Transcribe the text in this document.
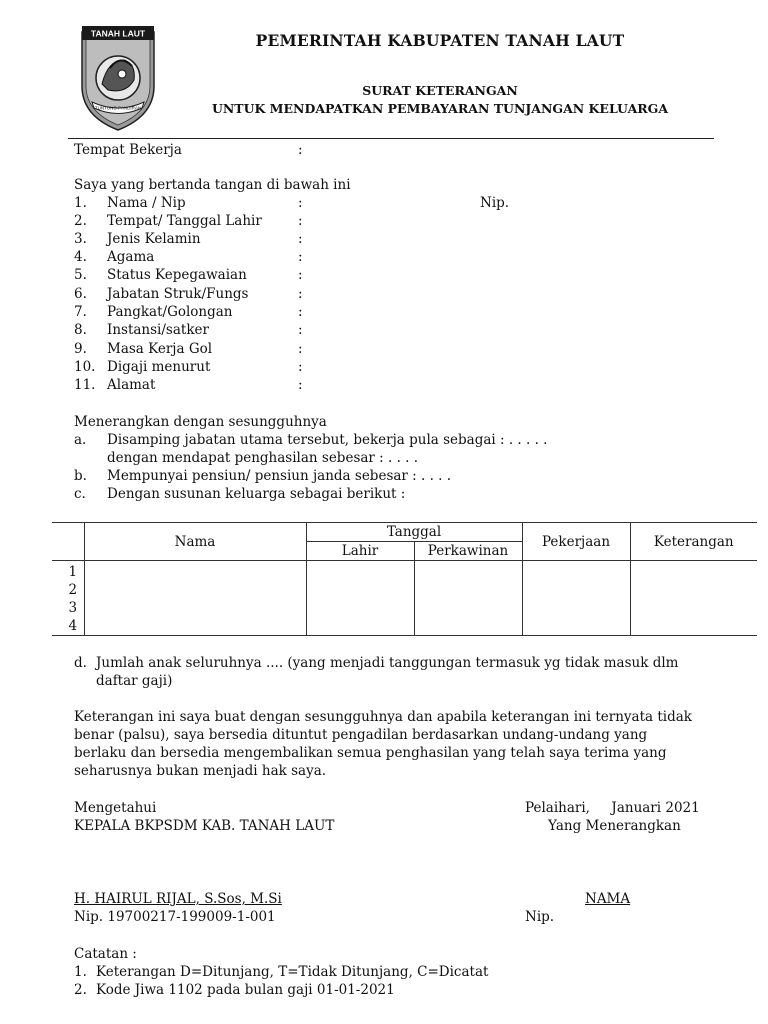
TANAH LAUT
TUNTUNG PANDIRAN
PEMERINTAH KABUPATEN TANAH LAUT
SURAT KETERANGAN
UNTUK MENDAPATKAN PEMBAYARAN TUNJANGAN KELUARGA
Tempat Bekerja	:
Saya yang bertanda tangan di bawah ini
1. Nama / Nip	:	Nip.
2. Tempat/ Tanggal Lahir	:
3. Jenis Kelamin	:
4. Agama	:
5. Status Kepegawaian	:
6. Jabatan Struk/Fungs	:
7. Pangkat/Golongan	:
8. Instansi/satker	:
9. Masa Kerja Gol	:
10. Digaji menurut	:
11. Alamat	:
Menerangkan dengan sesungguhnya
a. Disamping jabatan utama tersebut, bekerja pula sebagai : . . . . .
dengan mendapat penghasilan sebesar : . . . .
b. Mempunyai pensiun/ pensiun janda sebesar : . . . .
c. Dengan susunan keluarga sebagai berikut :
	Nama	Tanggal		Pekerjaan	Keterangan
		Lahir	Perkawinan		

1
2
3
4					

d. Jumlah anak seluruhnya .... (yang menjadi tanggungan termasuk yg tidak masuk dlm
daftar gaji)
Keterangan ini saya buat dengan sesungguhnya dan apabila keterangan ini ternyata tidak
benar (palsu), saya bersedia dituntut pengadilan berdasarkan undang-undang yang
berlaku dan bersedia mengembalikan semua penghasilan yang telah saya terima yang
seharusnya bukan menjadi hak saya.
Mengetahui
KEPALA BKPSDM KAB. TANAH LAUT
Pelaihari,     Januari 2021
Yang Menerangkan
H. HAIRUL RIJAL, S.Sos, M.Si
Nip. 19700217-199009-1-001
NAMA
Nip.
Catatan :
1. Keterangan D=Ditunjang, T=Tidak Ditunjang, C=Dicatat
2. Kode Jiwa 1102 pada bulan gaji 01-01-2021
